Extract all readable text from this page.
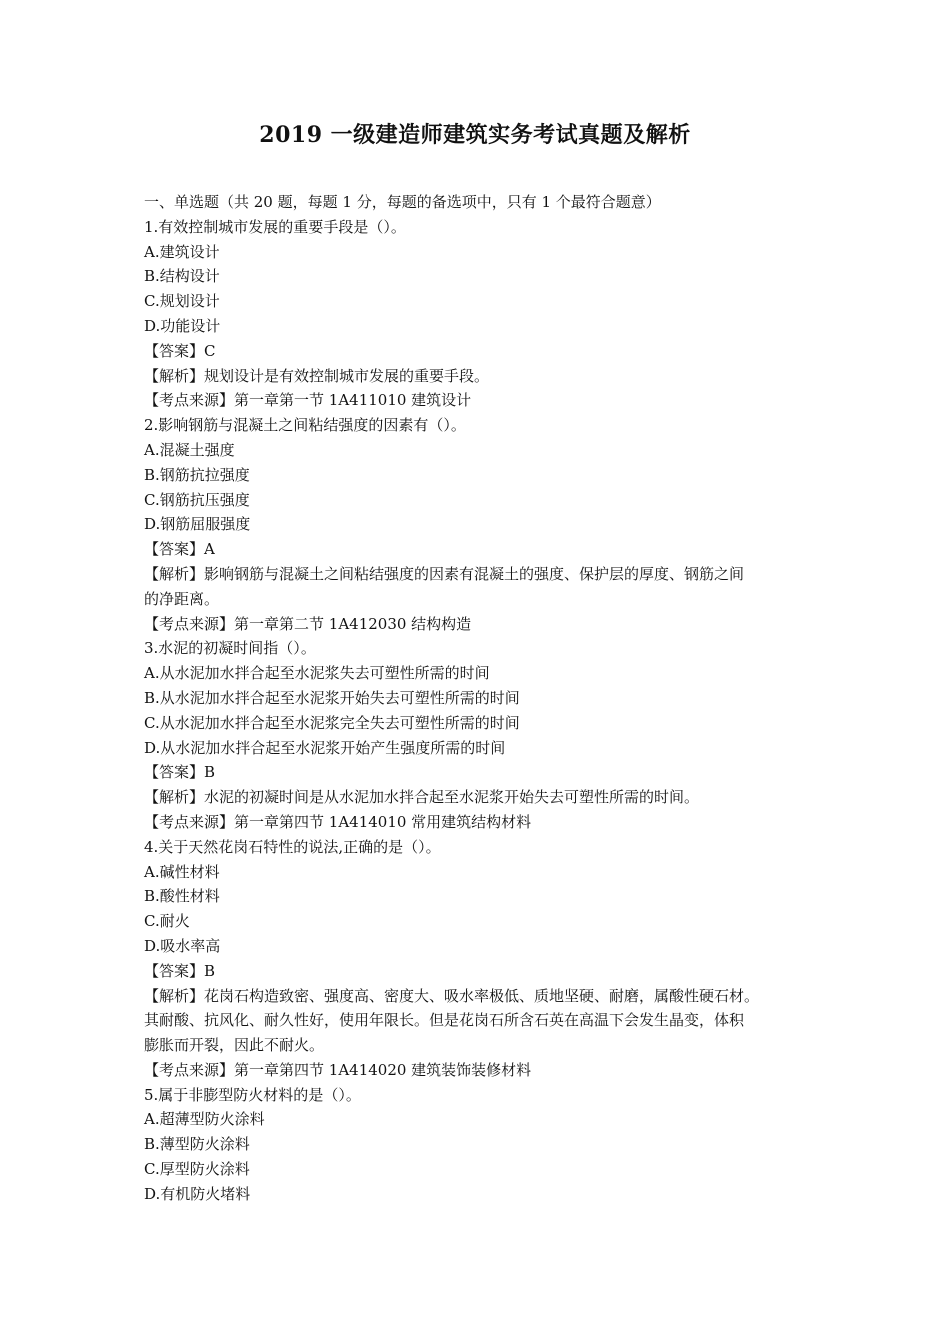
2019 一级建造师建筑实务考试真题及解析

一、单选题（共 20 题，每题 1 分，每题的备选项中，只有 1 个最符合题意）

1.有效控制城市发展的重要手段是（）。

A.建筑设计

B.结构设计

C.规划设计

D.功能设计

【答案】C

【解析】规划设计是有效控制城市发展的重要手段。

【考点来源】第一章第一节 1A411010 建筑设计

2.影响钢筋与混凝土之间粘结强度的因素有（）。

A.混凝土强度

B.钢筋抗拉强度

C.钢筋抗压强度

D.钢筋屈服强度

【答案】A

【解析】影响钢筋与混凝土之间粘结强度的因素有混凝土的强度、保护层的厚度、钢筋之间

的净距离。

【考点来源】第一章第二节 1A412030 结构构造

3.水泥的初凝时间指（）。

A.从水泥加水拌合起至水泥浆失去可塑性所需的时间

B.从水泥加水拌合起至水泥浆开始失去可塑性所需的时间

C.从水泥加水拌合起至水泥浆完全失去可塑性所需的时间

D.从水泥加水拌合起至水泥浆开始产生强度所需的时间

【答案】B

【解析】水泥的初凝时间是从水泥加水拌合起至水泥浆开始失去可塑性所需的时间。

【考点来源】第一章第四节 1A414010 常用建筑结构材料

4.关于天然花岗石特性的说法,正确的是（）。

A.碱性材料

B.酸性材料

C.耐火

D.吸水率高

【答案】B

【解析】花岗石构造致密、强度高、密度大、吸水率极低、质地坚硬、耐磨，属酸性硬石材。

其耐酸、抗风化、耐久性好，使用年限长。但是花岗石所含石英在高温下会发生晶变，体积

膨胀而开裂，因此不耐火。

【考点来源】第一章第四节 1A414020 建筑装饰装修材料

5.属于非膨型防火材料的是（）。

A.超薄型防火涂料

B.薄型防火涂料

C.厚型防火涂料

D.有机防火堵料
